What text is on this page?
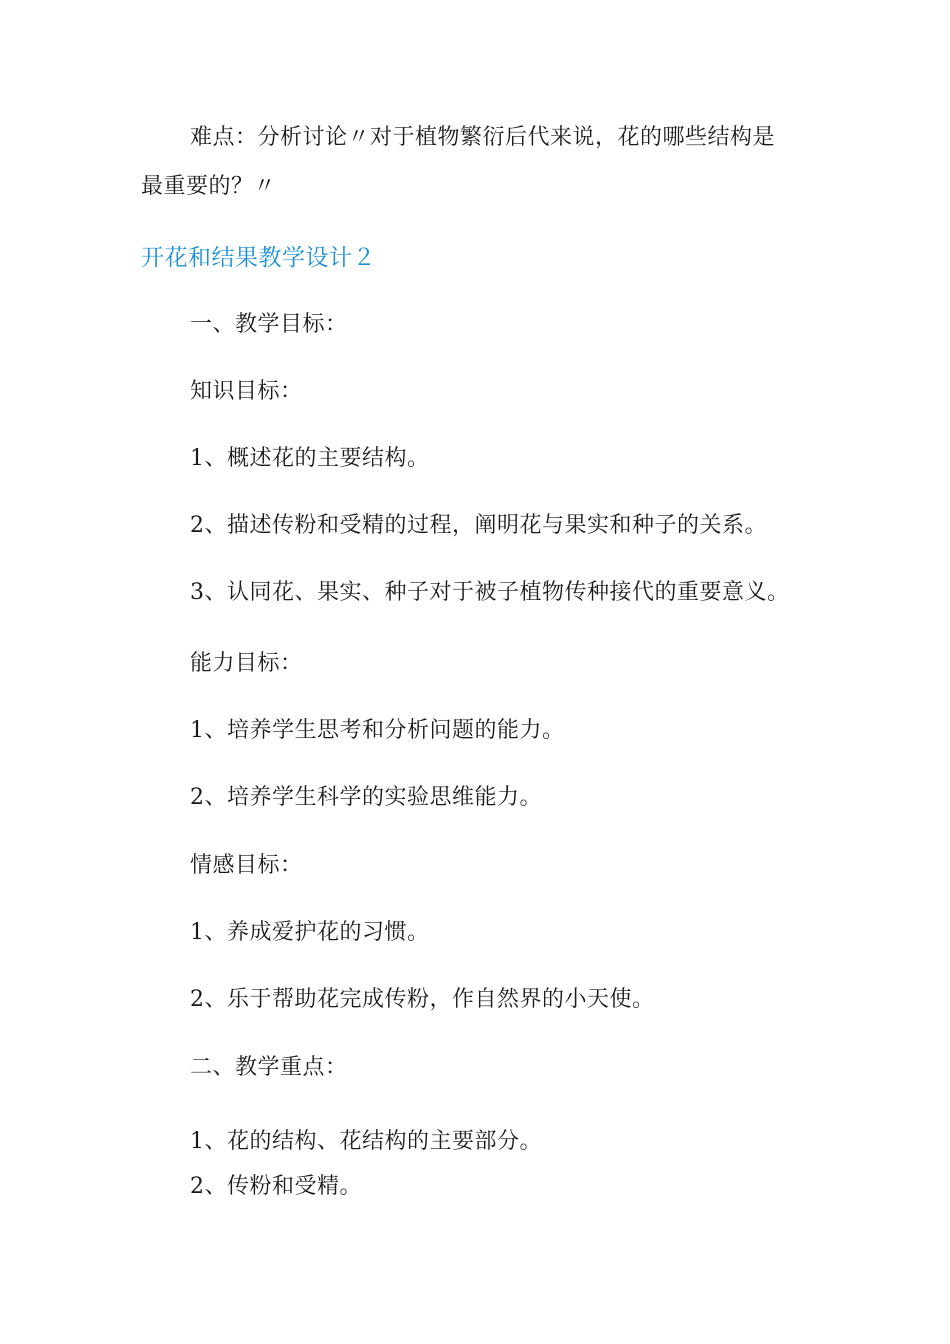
难点：分析讨论〃对于植物繁衍后代来说，花的哪些结构是
最重要的？〃
开花和结果教学设计２
一、教学目标：
知识目标：
1、概述花的主要结构。
2、描述传粉和受精的过程，阐明花与果实和种子的关系。
3、认同花、果实、种子对于被子植物传种接代的重要意义。
能力目标：
1、培养学生思考和分析问题的能力。
2、培养学生科学的实验思维能力。
情感目标：
1、养成爱护花的习惯。
2、乐于帮助花完成传粉，作自然界的小天使。
二、教学重点：
1、花的结构、花结构的主要部分。
2、传粉和受精。
